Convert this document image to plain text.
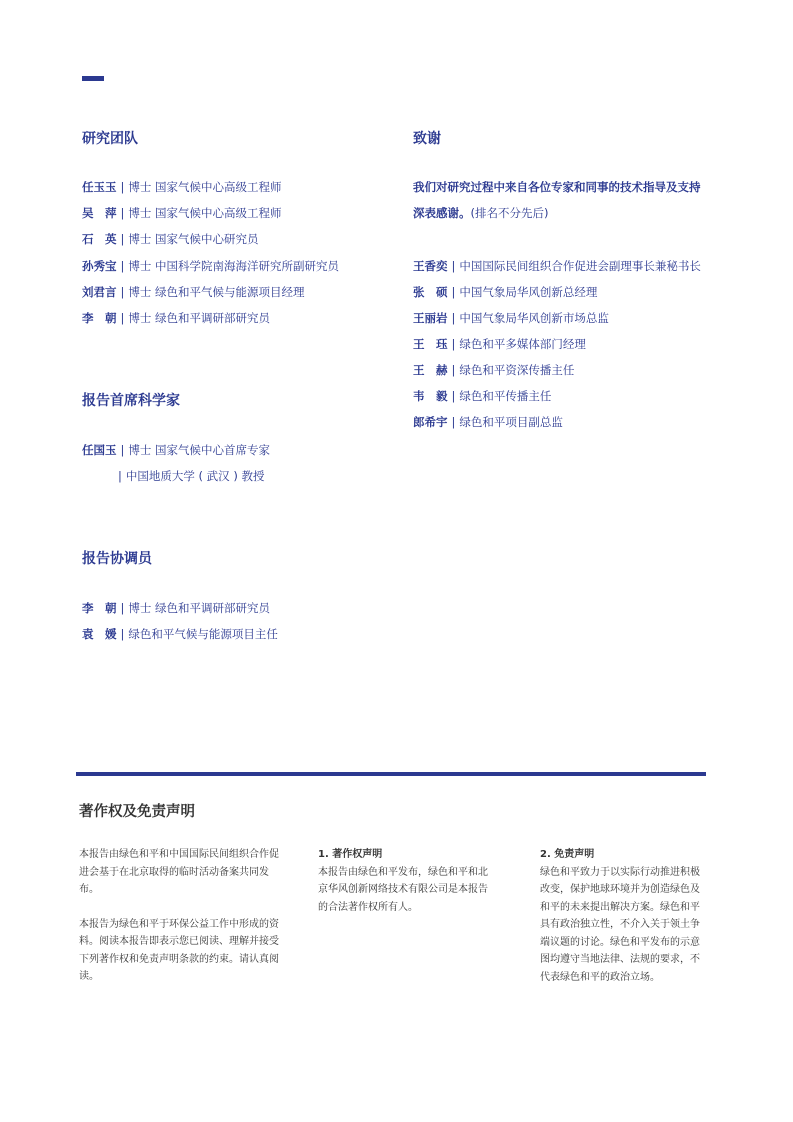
研究团队
任玉玉 | 博士 国家气候中心高级工程师
吴　萍 | 博士 国家气候中心高级工程师
石　英 | 博士 国家气候中心研究员
孙秀宝 | 博士 中国科学院南海海洋研究所副研究员
刘君言 | 博士 绿色和平气候与能源项目经理
李　朝 | 博士 绿色和平调研部研究员
报告首席科学家
任国玉 | 博士 国家气候中心首席专家
| 中国地质大学 ( 武汉 ) 教授
报告协调员
李　朝 | 博士 绿色和平调研部研究员
袁　媛 | 绿色和平气候与能源项目主任
致谢
我们对研究过程中来自各位专家和同事的技术指导及支持
深表感谢。(排名不分先后)
王香奕 | 中国国际民间组织合作促进会副理事长兼秘书长
张　硕 | 中国气象局华风创新总经理
王丽岩 | 中国气象局华风创新市场总监
王　珏 | 绿色和平多媒体部门经理
王　赫 | 绿色和平资深传播主任
韦　毅 | 绿色和平传播主任
郎希宇 | 绿色和平项目副总监
著作权及免责声明

本报告由绿色和平和中国国际民间组织合作促进会基于在北京取得的临时活动备案共同发布。

本报告为绿色和平于环保公益工作中形成的资料。阅读本报告即表示您已阅读、理解并接受下列著作权和免责声明条款的约束。请认真阅读。

1. 著作权声明

本报告由绿色和平发布，绿色和平和北京华风创新网络技术有限公司是本报告的合法著作权所有人。

2. 免责声明

绿色和平致力于以实际行动推进积极改变，保护地球环境并为创造绿色及和平的未来提出解决方案。绿色和平具有政治独立性，不介入关于领土争端议题的讨论。绿色和平发布的示意图均遵守当地法律、法规的要求，不代表绿色和平的政治立场。
